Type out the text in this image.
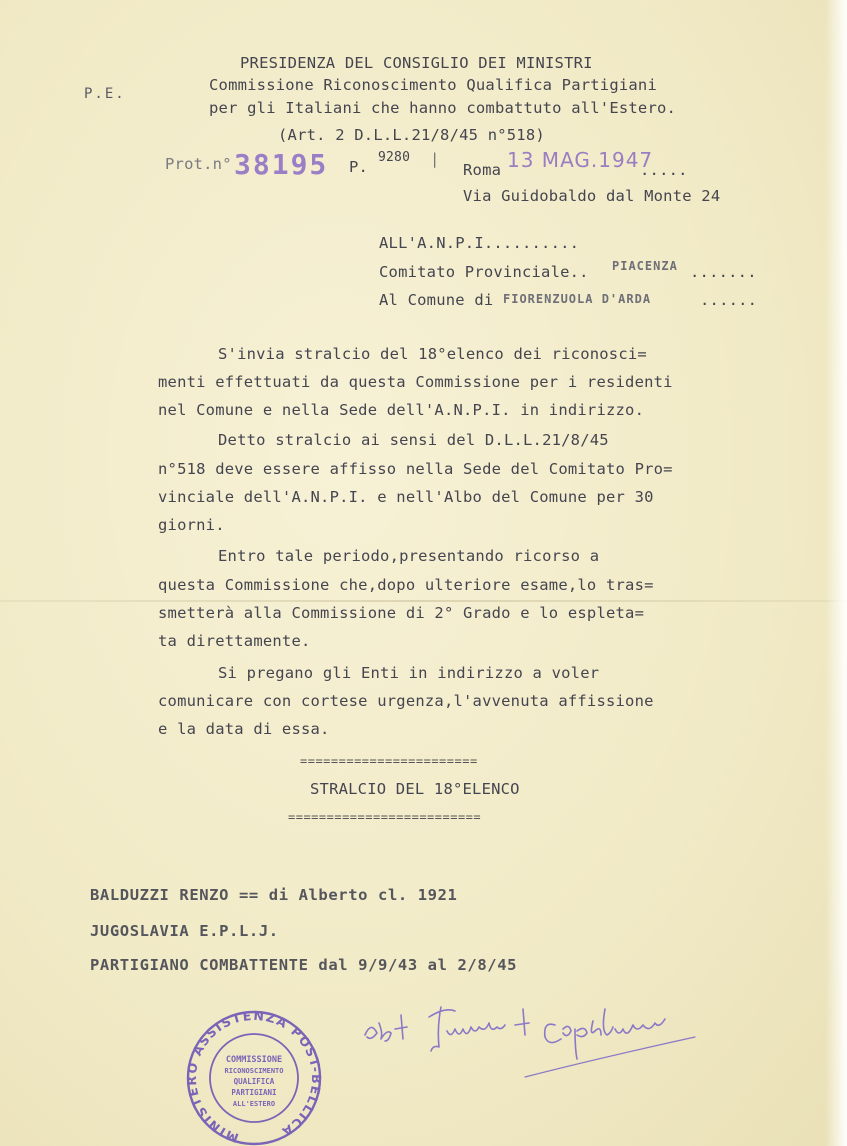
P.E.
PRESIDENZA DEL CONSIGLIO DEI MINISTRI
Commissione Riconoscimento Qualifica Partigiani
per gli Italiani che hanno combattuto all'Estero.
(Art. 2 D.L.L.21/8/45 n°518)
Prot.n° 38195 P.
9280 |
Roma 13 MAG.1947
.....
Via Guidobaldo dal Monte 24
ALL'A.N.P.I..........
Comitato Provinciale.. PIACENZA .......
Al Comune di FIORENZUOLA D'ARDA	......
S'invia stralcio del 18°elenco dei riconosci=
menti effettuati da questa Commissione per i residenti
nel Comune e nella Sede dell'A.N.P.I. in indirizzo.
Detto stralcio ai sensi del D.L.L.21/8/45
n°518 deve essere affisso nella Sede del Comitato Pro=
vinciale dell'A.N.P.I. e nell'Albo del Comune per 30
giorni.
Entro tale periodo,presentando ricorso a
questa Commissione che,dopo ulteriore esame,lo tras=
smetterà alla Commissione di 2° Grado e lo espleta=
ta direttamente.
Si pregano gli Enti in indirizzo a voler
comunicare con cortese urgenza,l'avvenuta affissione
e la data di essa.
=======================
STRALCIO DEL 18°ELENCO
=========================
BALDUZZI RENZO == di Alberto cl. 1921
JUGOSLAVIA E.P.L.J.
PARTIGIANO COMBATTENTE dal 9/9/43 al 2/8/45
MINISTERO ASSISTENZA POST-BELLICA
COMMISSIONE
RICONOSCIMENTO
QUALIFICA
PARTIGIANI
ALL'ESTERO
